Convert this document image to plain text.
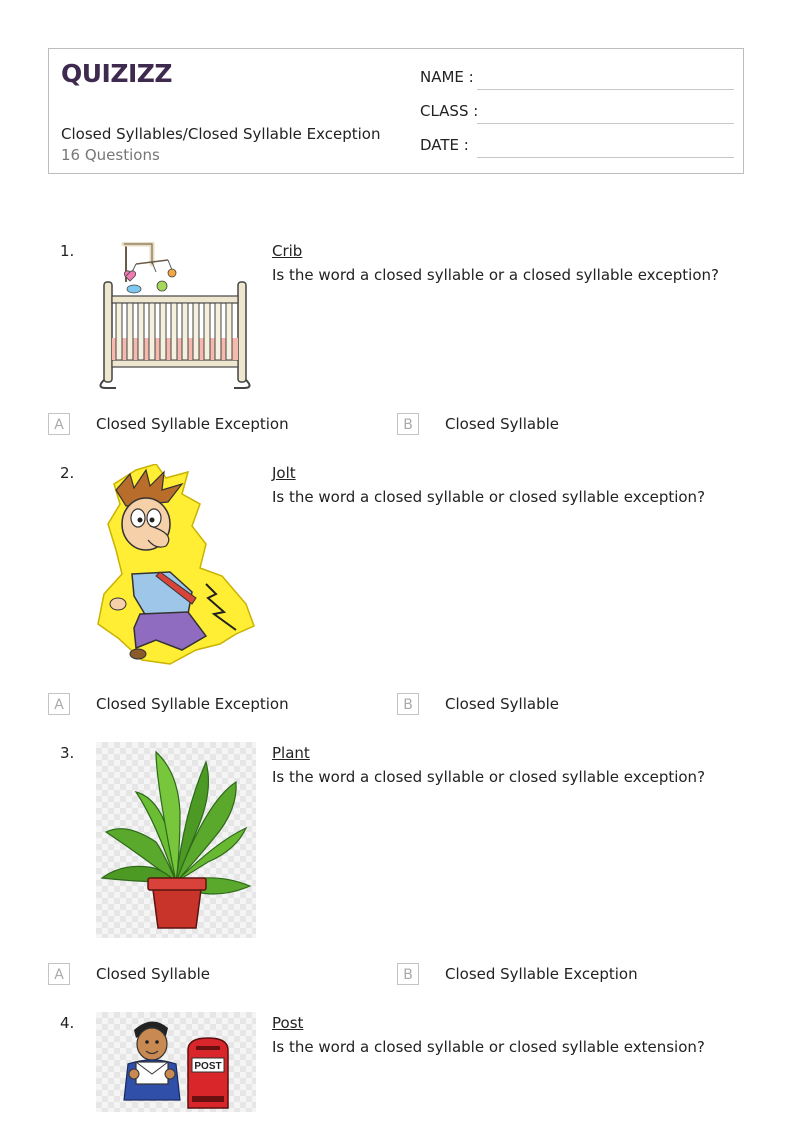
QUIZIZZ
Closed Syllables/Closed Syllable Exception
16 Questions
NAME :
CLASS :
DATE :
1.	Crib
Is the word a closed syllable or a closed syllable exception?
A	Closed Syllable Exception	B	Closed Syllable
2.	Jolt
Is the word a closed syllable or closed syllable exception?
A	Closed Syllable Exception	B	Closed Syllable
3.	Plant
Is the word a closed syllable or closed syllable exception?
A	Closed Syllable	B	Closed Syllable Exception
4.
POST
Post
Is the word a closed syllable or closed syllable extension?
